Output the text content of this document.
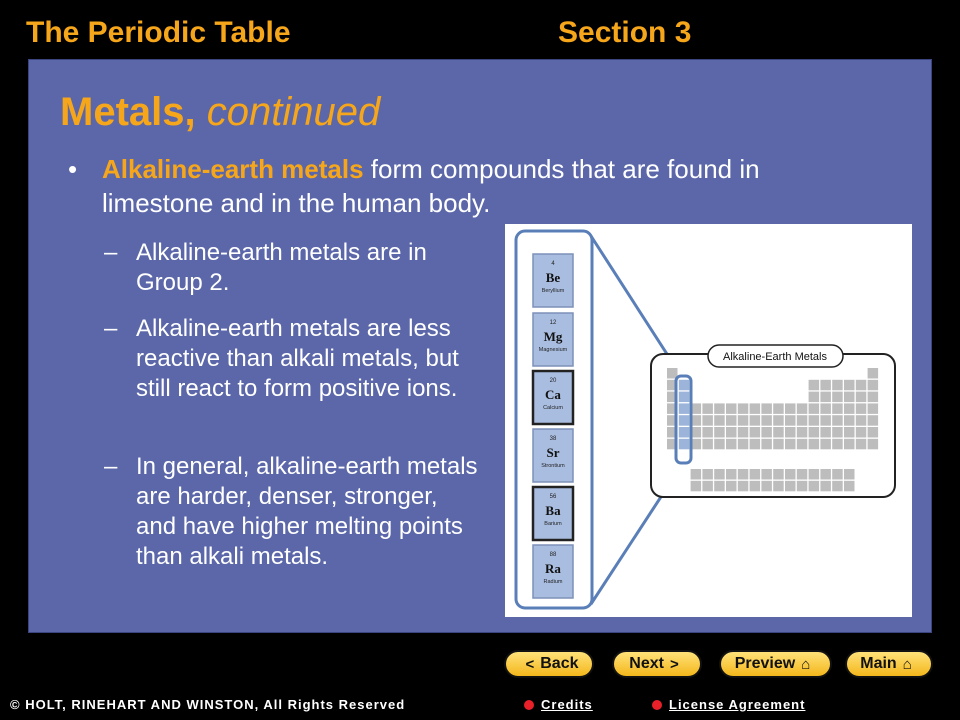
The Periodic Table	Section 3
Metals, continued
• Alkaline-earth metals form compounds that are found in limestone and in the human body.
– Alkaline-earth metals are in Group 2.
– Alkaline-earth metals are less reactive than alkali metals, but still react to form positive ions.
– In general, alkaline-earth metals are harder, denser, stronger, and have higher melting points than alkali metals.
Alkaline-Earth Metals
4
Be
Beryllium
12
Mg
Magnesium
20
Ca
Calcium
38
Sr
Strontium
56
Ba
Barium
88
Ra
Radium
< Back	Next >	Preview ⌂	Main ⌂
© HOLT, RINEHART AND WINSTON, All Rights Reserved	Credits	License Agreement
